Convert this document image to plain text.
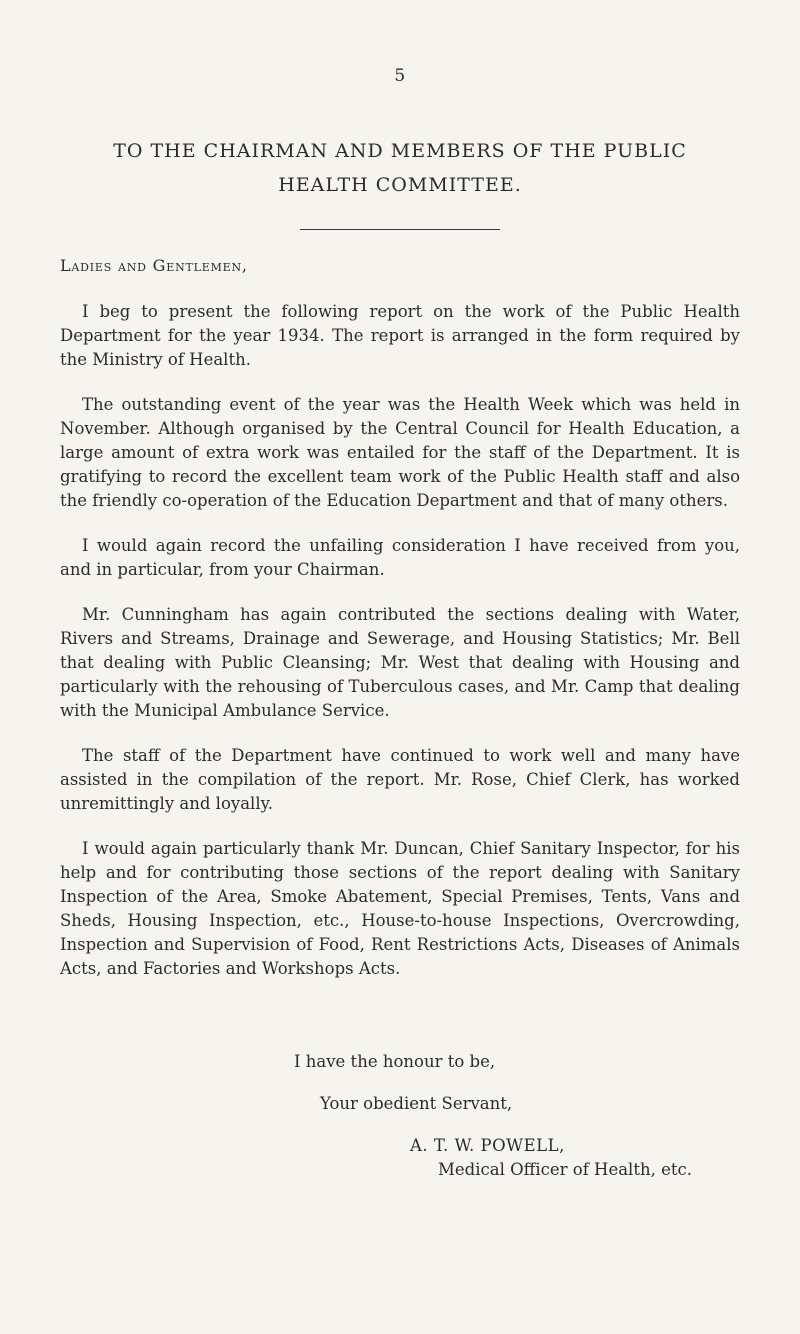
5
TO THE CHAIRMAN AND MEMBERS OF THE PUBLIC
HEALTH COMMITTEE.
Ladies and Gentlemen,

I beg to present the following report on the work of the Public Health Department for the year 1934. The report is arranged in the form required by the Ministry of Health.

The outstanding event of the year was the Health Week which was held in November. Although organised by the Central Council for Health Education, a large amount of extra work was entailed for the staff of the Department. It is gratifying to record the excellent team work of the Public Health staff and also the friendly co-operation of the Education Department and that of many others.

I would again record the unfailing consideration I have received from you, and in particular, from your Chairman.

Mr. Cunningham has again contributed the sections dealing with Water, Rivers and Streams, Drainage and Sewerage, and Housing Statistics; Mr. Bell that dealing with Public Cleansing; Mr. West that dealing with Housing and particularly with the rehousing of Tuberculous cases, and Mr. Camp that dealing with the Municipal Ambulance Service.

The staff of the Department have continued to work well and many have assisted in the compilation of the report. Mr. Rose, Chief Clerk, has worked unremittingly and loyally.

I would again particularly thank Mr. Duncan, Chief Sanitary Inspector, for his help and for contributing those sections of the report dealing with Sanitary Inspection of the Area, Smoke Abatement, Special Premises, Tents, Vans and Sheds, Housing Inspection, etc., House-to-house Inspections, Overcrowding, Inspection and Supervision of Food, Rent Restrictions Acts, Diseases of Animals Acts, and Factories and Workshops Acts.

I have the honour to be,
Your obedient Servant,
A. T. W. POWELL,
Medical Officer of Health, etc.
